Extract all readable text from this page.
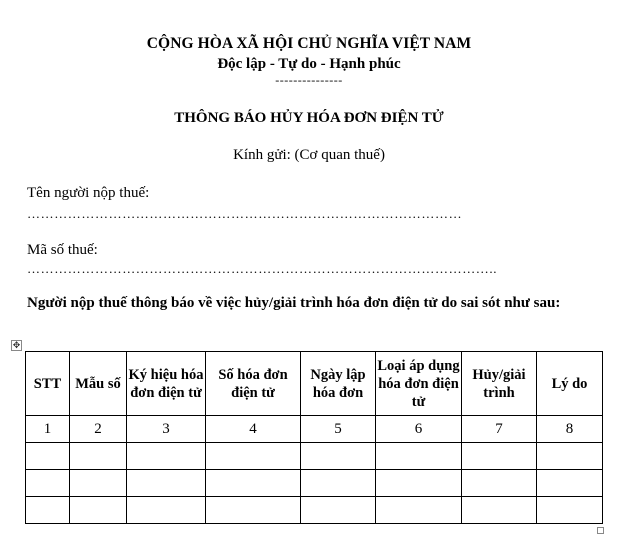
CỘNG HÒA XÃ HỘI CHỦ NGHĨA VIỆT NAM
Độc lập - Tự do - Hạnh phúc
---------------
THÔNG BÁO HỦY HÓA ĐƠN ĐIỆN TỬ
Kính gửi: (Cơ quan thuế)
Tên người nộp thuế:
……………………………………………………………………………………
Mã số thuế:
…………………………………………………………………………………………..
Người nộp thuế thông báo về việc hủy/giải trình hóa đơn điện tử do sai sót như sau:
✥
STT	Mẫu số	Ký hiệu hóa đơn điện tử	Số hóa đơn điện tử	Ngày lập hóa đơn	Loại áp dụng hóa đơn điện tử	Hủy/giải trình	Lý do
1	2	3	4	5	6	7	8
